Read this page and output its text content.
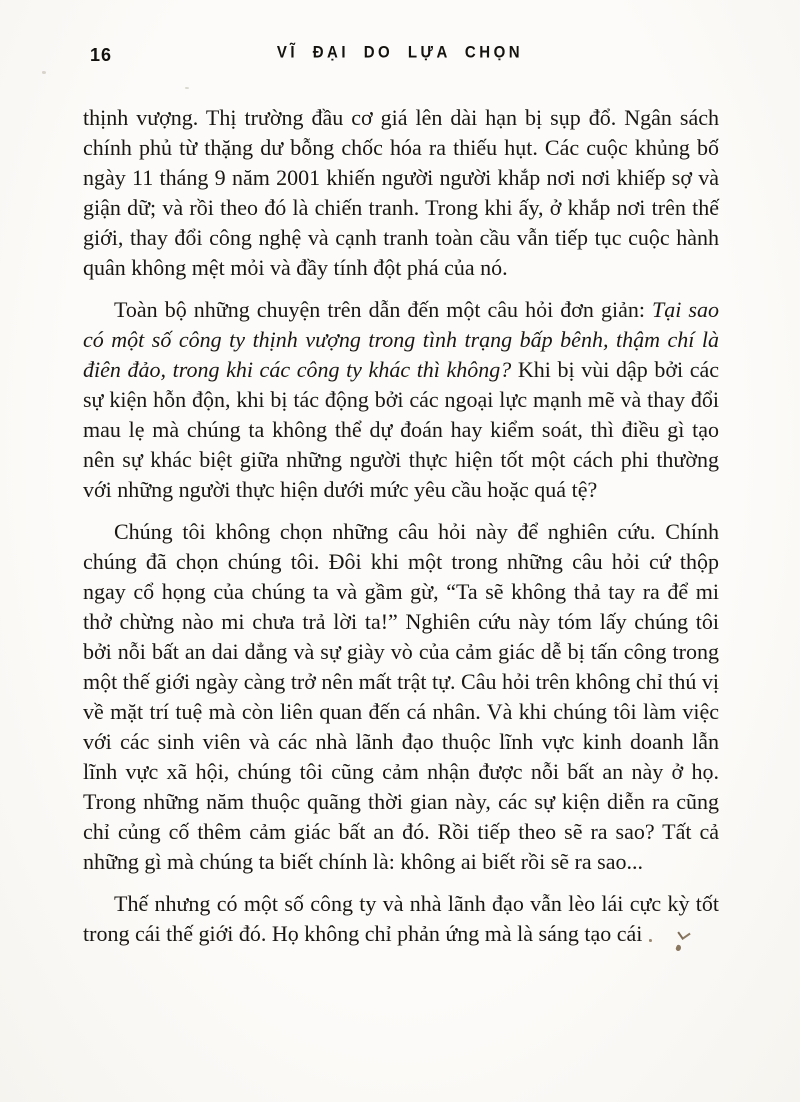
16	VĨ ĐẠI DO LỰA CHỌN

thịnh vượng. Thị trường đầu cơ giá lên dài hạn bị sụp đổ. Ngân sách chính phủ từ thặng dư bỗng chốc hóa ra thiếu hụt. Các cuộc khủng bố ngày 11 tháng 9 năm 2001 khiến người người khắp nơi nơi khiếp sợ và giận dữ; và rồi theo đó là chiến tranh. Trong khi ấy, ở khắp nơi trên thế giới, thay đổi công nghệ và cạnh tranh toàn cầu vẫn tiếp tục cuộc hành quân không mệt mỏi và đầy tính đột phá của nó.

Toàn bộ những chuyện trên dẫn đến một câu hỏi đơn giản: Tại sao có một số công ty thịnh vượng trong tình trạng bấp bênh, thậm chí là điên đảo, trong khi các công ty khác thì không? Khi bị vùi dập bởi các sự kiện hỗn độn, khi bị tác động bởi các ngoại lực mạnh mẽ và thay đổi mau lẹ mà chúng ta không thể dự đoán hay kiểm soát, thì điều gì tạo nên sự khác biệt giữa những người thực hiện tốt một cách phi thường với những người thực hiện dưới mức yêu cầu hoặc quá tệ?

Chúng tôi không chọn những câu hỏi này để nghiên cứu. Chính chúng đã chọn chúng tôi. Đôi khi một trong những câu hỏi cứ thộp ngay cổ họng của chúng ta và gầm gừ, “Ta sẽ không thả tay ra để mi thở chừng nào mi chưa trả lời ta!” Nghiên cứu này tóm lấy chúng tôi bởi nỗi bất an dai dẳng và sự giày vò của cảm giác dễ bị tấn công trong một thế giới ngày càng trở nên mất trật tự. Câu hỏi trên không chỉ thú vị về mặt trí tuệ mà còn liên quan đến cá nhân. Và khi chúng tôi làm việc với các sinh viên và các nhà lãnh đạo thuộc lĩnh vực kinh doanh lẫn lĩnh vực xã hội, chúng tôi cũng cảm nhận được nỗi bất an này ở họ. Trong những năm thuộc quãng thời gian này, các sự kiện diễn ra cũng chỉ củng cố thêm cảm giác bất an đó. Rồi tiếp theo sẽ ra sao? Tất cả những gì mà chúng ta biết chính là: không ai biết rồi sẽ ra sao...

Thế nhưng có một số công ty và nhà lãnh đạo vẫn lèo lái cực kỳ tốt trong cái thế giới đó. Họ không chỉ phản ứng mà là sáng tạo cái
